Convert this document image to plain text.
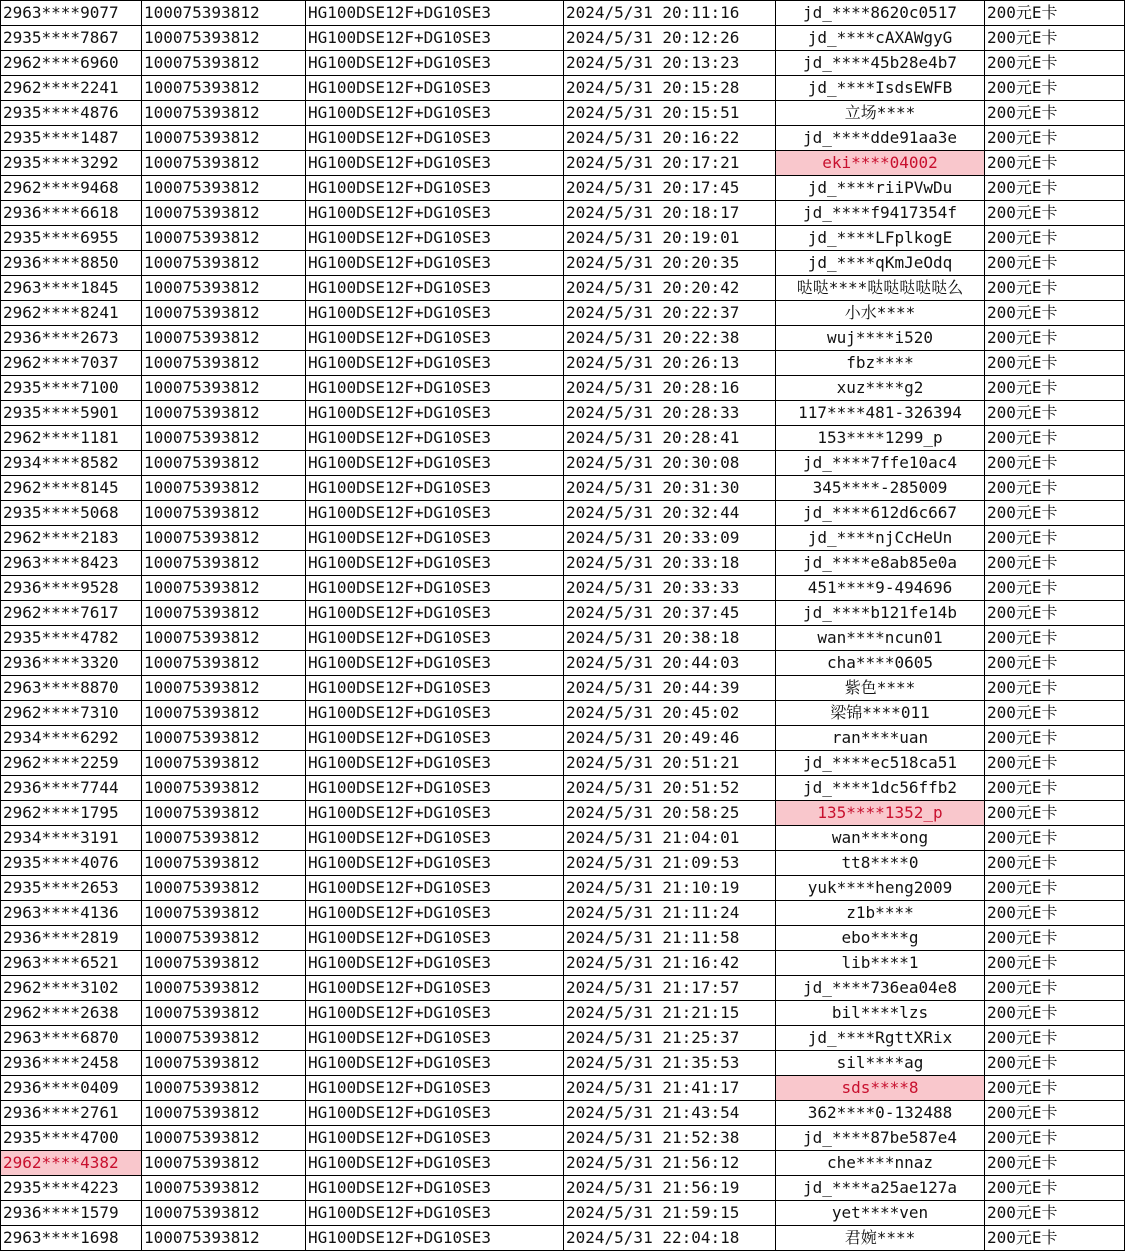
2963****9077	100075393812	HG100DSE12F+DG10SE3	2024/5/31 20:11:16	jd_****8620c0517	200元E卡
2935****7867	100075393812	HG100DSE12F+DG10SE3	2024/5/31 20:12:26	jd_****cAXAWgyG	200元E卡
2962****6960	100075393812	HG100DSE12F+DG10SE3	2024/5/31 20:13:23	jd_****45b28e4b7	200元E卡
2962****2241	100075393812	HG100DSE12F+DG10SE3	2024/5/31 20:15:28	jd_****IsdsEWFB	200元E卡
2935****4876	100075393812	HG100DSE12F+DG10SE3	2024/5/31 20:15:51	立场****	200元E卡
2935****1487	100075393812	HG100DSE12F+DG10SE3	2024/5/31 20:16:22	jd_****dde91aa3e	200元E卡
2935****3292	100075393812	HG100DSE12F+DG10SE3	2024/5/31 20:17:21	eki****04002	200元E卡
2962****9468	100075393812	HG100DSE12F+DG10SE3	2024/5/31 20:17:45	jd_****riiPVwDu	200元E卡
2936****6618	100075393812	HG100DSE12F+DG10SE3	2024/5/31 20:18:17	jd_****f9417354f	200元E卡
2935****6955	100075393812	HG100DSE12F+DG10SE3	2024/5/31 20:19:01	jd_****LFplkogE	200元E卡
2936****8850	100075393812	HG100DSE12F+DG10SE3	2024/5/31 20:20:35	jd_****qKmJeOdq	200元E卡
2963****1845	100075393812	HG100DSE12F+DG10SE3	2024/5/31 20:20:42	哒哒****哒哒哒哒哒么	200元E卡
2962****8241	100075393812	HG100DSE12F+DG10SE3	2024/5/31 20:22:37	小水****	200元E卡
2936****2673	100075393812	HG100DSE12F+DG10SE3	2024/5/31 20:22:38	wuj****i520	200元E卡
2962****7037	100075393812	HG100DSE12F+DG10SE3	2024/5/31 20:26:13	fbz****	200元E卡
2935****7100	100075393812	HG100DSE12F+DG10SE3	2024/5/31 20:28:16	xuz****g2	200元E卡
2935****5901	100075393812	HG100DSE12F+DG10SE3	2024/5/31 20:28:33	117****481-326394	200元E卡
2962****1181	100075393812	HG100DSE12F+DG10SE3	2024/5/31 20:28:41	153****1299_p	200元E卡
2934****8582	100075393812	HG100DSE12F+DG10SE3	2024/5/31 20:30:08	jd_****7ffe10ac4	200元E卡
2962****8145	100075393812	HG100DSE12F+DG10SE3	2024/5/31 20:31:30	345****-285009	200元E卡
2935****5068	100075393812	HG100DSE12F+DG10SE3	2024/5/31 20:32:44	jd_****612d6c667	200元E卡
2962****2183	100075393812	HG100DSE12F+DG10SE3	2024/5/31 20:33:09	jd_****njCcHeUn	200元E卡
2963****8423	100075393812	HG100DSE12F+DG10SE3	2024/5/31 20:33:18	jd_****e8ab85e0a	200元E卡
2936****9528	100075393812	HG100DSE12F+DG10SE3	2024/5/31 20:33:33	451****9-494696	200元E卡
2962****7617	100075393812	HG100DSE12F+DG10SE3	2024/5/31 20:37:45	jd_****b121fe14b	200元E卡
2935****4782	100075393812	HG100DSE12F+DG10SE3	2024/5/31 20:38:18	wan****ncun01	200元E卡
2936****3320	100075393812	HG100DSE12F+DG10SE3	2024/5/31 20:44:03	cha****0605	200元E卡
2963****8870	100075393812	HG100DSE12F+DG10SE3	2024/5/31 20:44:39	紫色****	200元E卡
2962****7310	100075393812	HG100DSE12F+DG10SE3	2024/5/31 20:45:02	梁锦****011	200元E卡
2934****6292	100075393812	HG100DSE12F+DG10SE3	2024/5/31 20:49:46	ran****uan	200元E卡
2962****2259	100075393812	HG100DSE12F+DG10SE3	2024/5/31 20:51:21	jd_****ec518ca51	200元E卡
2936****7744	100075393812	HG100DSE12F+DG10SE3	2024/5/31 20:51:52	jd_****1dc56ffb2	200元E卡
2962****1795	100075393812	HG100DSE12F+DG10SE3	2024/5/31 20:58:25	135****1352_p	200元E卡
2934****3191	100075393812	HG100DSE12F+DG10SE3	2024/5/31 21:04:01	wan****ong	200元E卡
2935****4076	100075393812	HG100DSE12F+DG10SE3	2024/5/31 21:09:53	tt8****0	200元E卡
2935****2653	100075393812	HG100DSE12F+DG10SE3	2024/5/31 21:10:19	yuk****heng2009	200元E卡
2963****4136	100075393812	HG100DSE12F+DG10SE3	2024/5/31 21:11:24	z1b****	200元E卡
2936****2819	100075393812	HG100DSE12F+DG10SE3	2024/5/31 21:11:58	ebo****g	200元E卡
2963****6521	100075393812	HG100DSE12F+DG10SE3	2024/5/31 21:16:42	lib****1	200元E卡
2962****3102	100075393812	HG100DSE12F+DG10SE3	2024/5/31 21:17:57	jd_****736ea04e8	200元E卡
2962****2638	100075393812	HG100DSE12F+DG10SE3	2024/5/31 21:21:15	bil****lzs	200元E卡
2963****6870	100075393812	HG100DSE12F+DG10SE3	2024/5/31 21:25:37	jd_****RgttXRix	200元E卡
2936****2458	100075393812	HG100DSE12F+DG10SE3	2024/5/31 21:35:53	sil****ag	200元E卡
2936****0409	100075393812	HG100DSE12F+DG10SE3	2024/5/31 21:41:17	sds****8	200元E卡
2936****2761	100075393812	HG100DSE12F+DG10SE3	2024/5/31 21:43:54	362****0-132488	200元E卡
2935****4700	100075393812	HG100DSE12F+DG10SE3	2024/5/31 21:52:38	jd_****87be587e4	200元E卡
2962****4382	100075393812	HG100DSE12F+DG10SE3	2024/5/31 21:56:12	che****nnaz	200元E卡
2935****4223	100075393812	HG100DSE12F+DG10SE3	2024/5/31 21:56:19	jd_****a25ae127a	200元E卡
2936****1579	100075393812	HG100DSE12F+DG10SE3	2024/5/31 21:59:15	yet****ven	200元E卡
2963****1698	100075393812	HG100DSE12F+DG10SE3	2024/5/31 22:04:18	君婉****	200元E卡
